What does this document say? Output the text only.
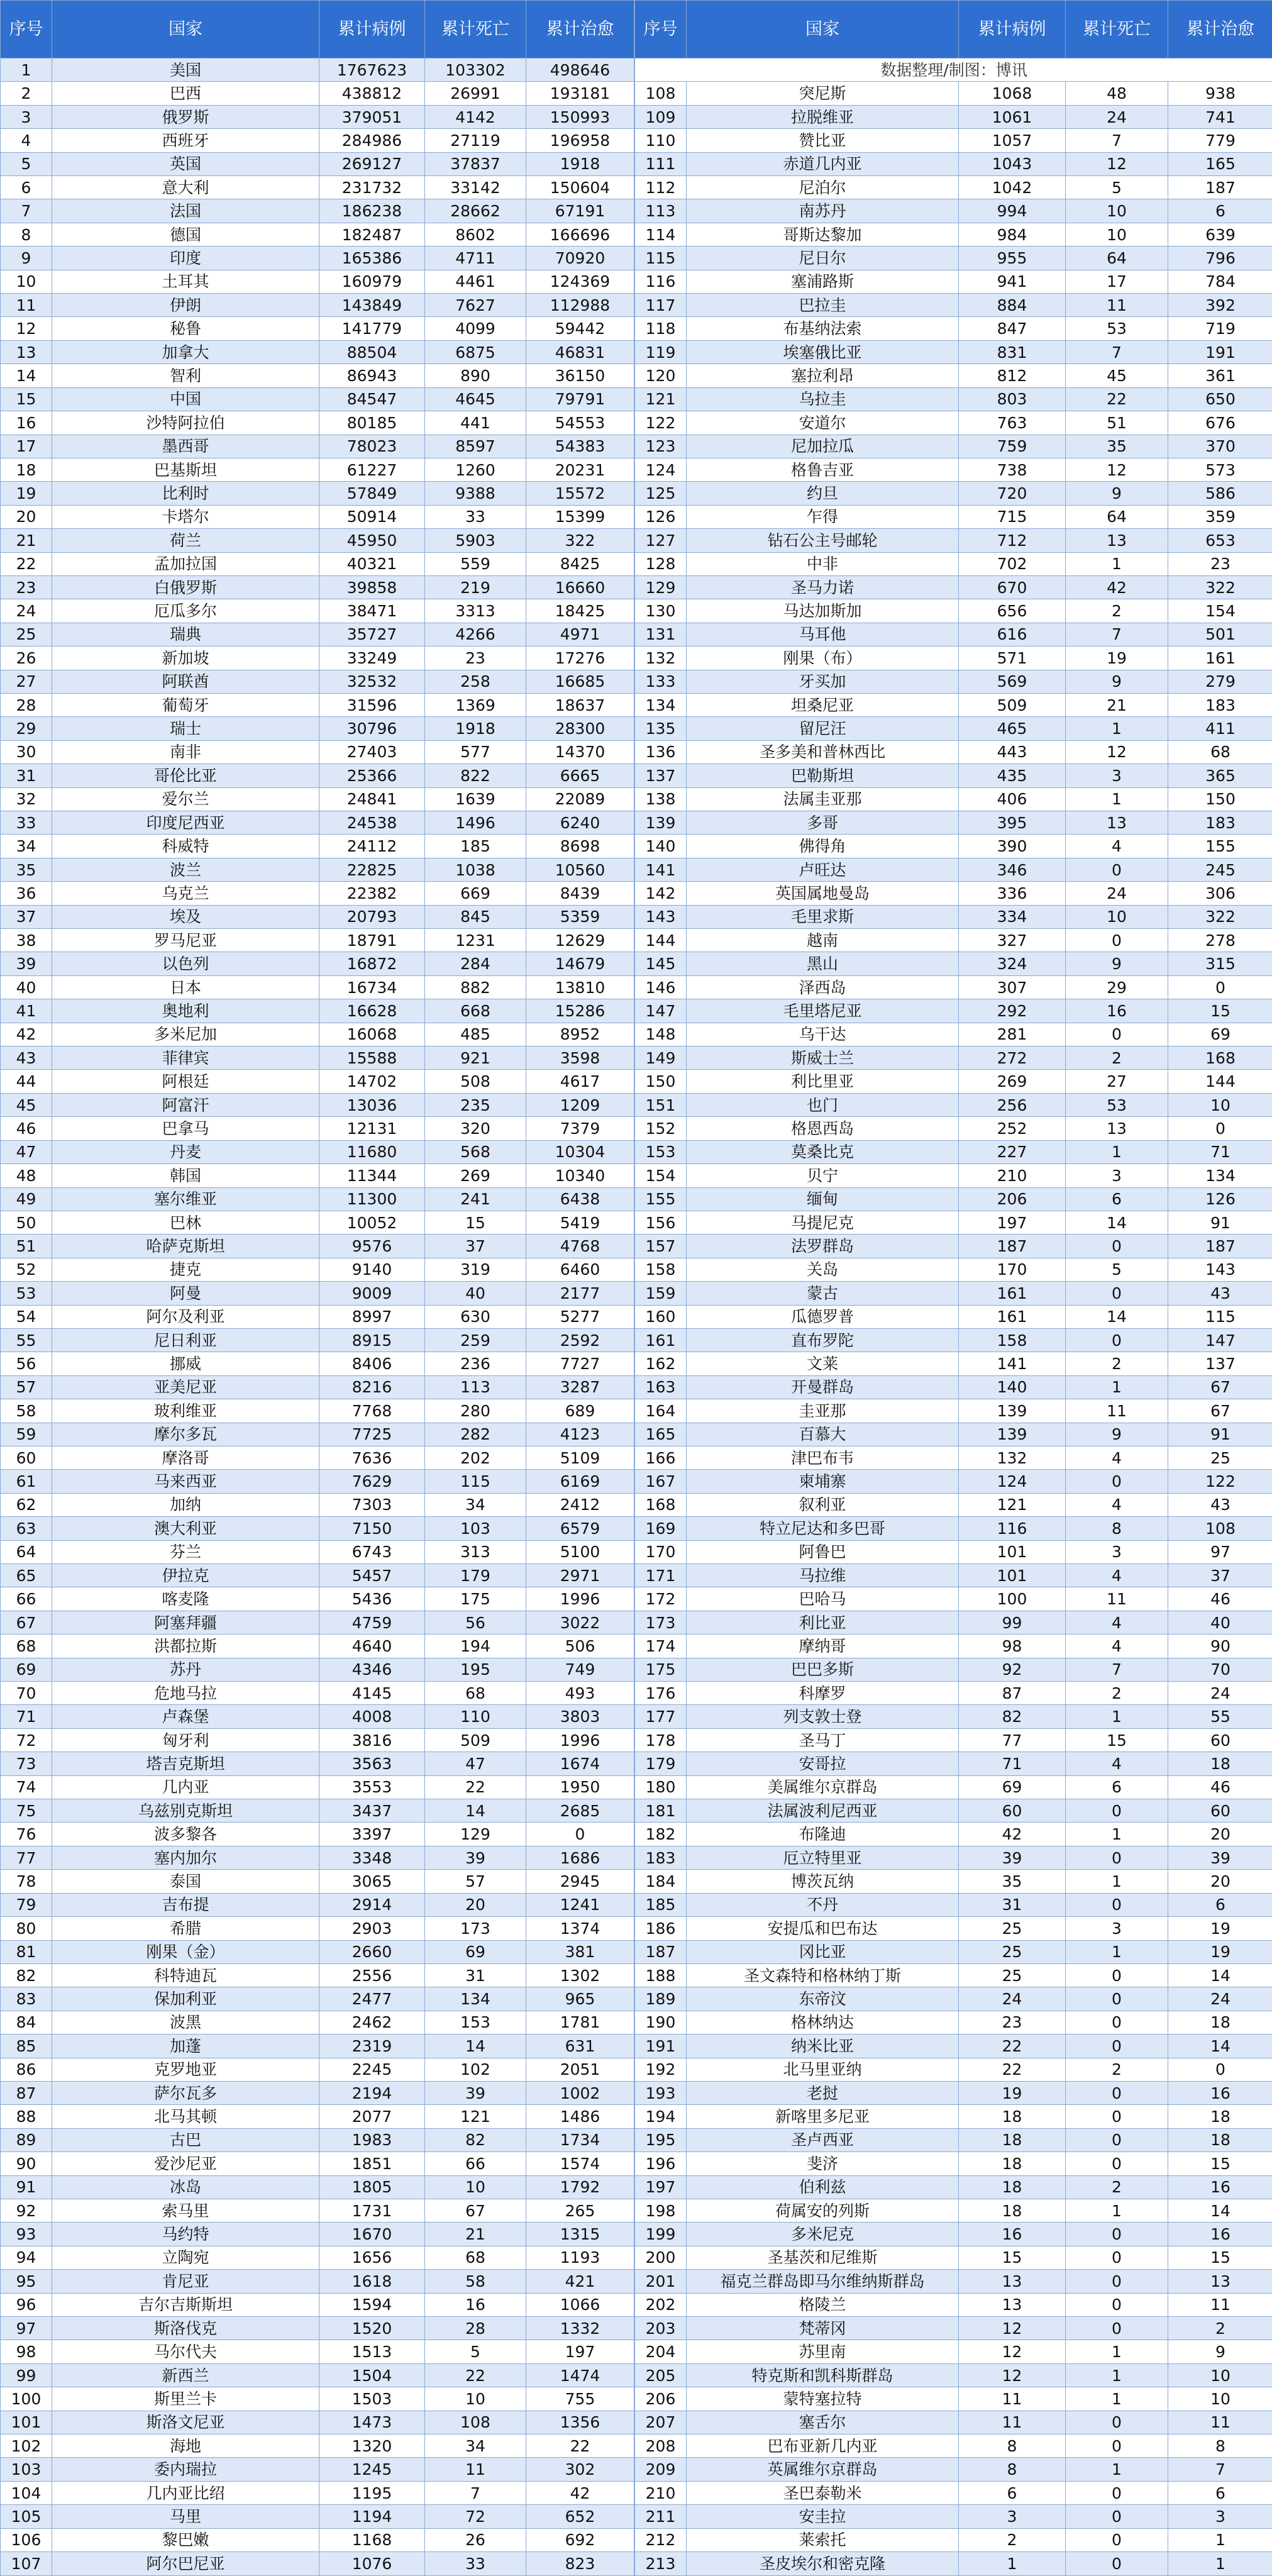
序号	国家	累计病例	累计死亡	累计治愈
1	美国	1767623	103302	498646
2	巴西	438812	26991	193181
3	俄罗斯	379051	4142	150993
4	西班牙	284986	27119	196958
5	英国	269127	37837	1918
6	意大利	231732	33142	150604
7	法国	186238	28662	67191
8	德国	182487	8602	166696
9	印度	165386	4711	70920
10	土耳其	160979	4461	124369
11	伊朗	143849	7627	112988
12	秘鲁	141779	4099	59442
13	加拿大	88504	6875	46831
14	智利	86943	890	36150
15	中国	84547	4645	79791
16	沙特阿拉伯	80185	441	54553
17	墨西哥	78023	8597	54383
18	巴基斯坦	61227	1260	20231
19	比利时	57849	9388	15572
20	卡塔尔	50914	33	15399
21	荷兰	45950	5903	322
22	孟加拉国	40321	559	8425
23	白俄罗斯	39858	219	16660
24	厄瓜多尔	38471	3313	18425
25	瑞典	35727	4266	4971
26	新加坡	33249	23	17276
27	阿联酋	32532	258	16685
28	葡萄牙	31596	1369	18637
29	瑞士	30796	1918	28300
30	南非	27403	577	14370
31	哥伦比亚	25366	822	6665
32	爱尔兰	24841	1639	22089
33	印度尼西亚	24538	1496	6240
34	科威特	24112	185	8698
35	波兰	22825	1038	10560
36	乌克兰	22382	669	8439
37	埃及	20793	845	5359
38	罗马尼亚	18791	1231	12629
39	以色列	16872	284	14679
40	日本	16734	882	13810
41	奥地利	16628	668	15286
42	多米尼加	16068	485	8952
43	菲律宾	15588	921	3598
44	阿根廷	14702	508	4617
45	阿富汗	13036	235	1209
46	巴拿马	12131	320	7379
47	丹麦	11680	568	10304
48	韩国	11344	269	10340
49	塞尔维亚	11300	241	6438
50	巴林	10052	15	5419
51	哈萨克斯坦	9576	37	4768
52	捷克	9140	319	6460
53	阿曼	9009	40	2177
54	阿尔及利亚	8997	630	5277
55	尼日利亚	8915	259	2592
56	挪威	8406	236	7727
57	亚美尼亚	8216	113	3287
58	玻利维亚	7768	280	689
59	摩尔多瓦	7725	282	4123
60	摩洛哥	7636	202	5109
61	马来西亚	7629	115	6169
62	加纳	7303	34	2412
63	澳大利亚	7150	103	6579
64	芬兰	6743	313	5100
65	伊拉克	5457	179	2971
66	喀麦隆	5436	175	1996
67	阿塞拜疆	4759	56	3022
68	洪都拉斯	4640	194	506
69	苏丹	4346	195	749
70	危地马拉	4145	68	493
71	卢森堡	4008	110	3803
72	匈牙利	3816	509	1996
73	塔吉克斯坦	3563	47	1674
74	几内亚	3553	22	1950
75	乌兹别克斯坦	3437	14	2685
76	波多黎各	3397	129	0
77	塞内加尔	3348	39	1686
78	泰国	3065	57	2945
79	吉布提	2914	20	1241
80	希腊	2903	173	1374
81	刚果（金）	2660	69	381
82	科特迪瓦	2556	31	1302
83	保加利亚	2477	134	965
84	波黑	2462	153	1781
85	加蓬	2319	14	631
86	克罗地亚	2245	102	2051
87	萨尔瓦多	2194	39	1002
88	北马其顿	2077	121	1486
89	古巴	1983	82	1734
90	爱沙尼亚	1851	66	1574
91	冰岛	1805	10	1792
92	索马里	1731	67	265
93	马约特	1670	21	1315
94	立陶宛	1656	68	1193
95	肯尼亚	1618	58	421
96	吉尔吉斯斯坦	1594	16	1066
97	斯洛伐克	1520	28	1332
98	马尔代夫	1513	5	197
99	新西兰	1504	22	1474
100	斯里兰卡	1503	10	755
101	斯洛文尼亚	1473	108	1356
102	海地	1320	34	22
103	委内瑞拉	1245	11	302
104	几内亚比绍	1195	7	42
105	马里	1194	72	652
106	黎巴嫩	1168	26	692
107	阿尔巴尼亚	1076	33	823
序号	国家	累计病例	累计死亡	累计治愈
数据整理/制图：博讯				
108	突尼斯	1068	48	938
109	拉脱维亚	1061	24	741
110	赞比亚	1057	7	779
111	赤道几内亚	1043	12	165
112	尼泊尔	1042	5	187
113	南苏丹	994	10	6
114	哥斯达黎加	984	10	639
115	尼日尔	955	64	796
116	塞浦路斯	941	17	784
117	巴拉圭	884	11	392
118	布基纳法索	847	53	719
119	埃塞俄比亚	831	7	191
120	塞拉利昂	812	45	361
121	乌拉圭	803	22	650
122	安道尔	763	51	676
123	尼加拉瓜	759	35	370
124	格鲁吉亚	738	12	573
125	约旦	720	9	586
126	乍得	715	64	359
127	钻石公主号邮轮	712	13	653
128	中非	702	1	23
129	圣马力诺	670	42	322
130	马达加斯加	656	2	154
131	马耳他	616	7	501
132	刚果（布）	571	19	161
133	牙买加	569	9	279
134	坦桑尼亚	509	21	183
135	留尼汪	465	1	411
136	圣多美和普林西比	443	12	68
137	巴勒斯坦	435	3	365
138	法属圭亚那	406	1	150
139	多哥	395	13	183
140	佛得角	390	4	155
141	卢旺达	346	0	245
142	英国属地曼岛	336	24	306
143	毛里求斯	334	10	322
144	越南	327	0	278
145	黑山	324	9	315
146	泽西岛	307	29	0
147	毛里塔尼亚	292	16	15
148	乌干达	281	0	69
149	斯威士兰	272	2	168
150	利比里亚	269	27	144
151	也门	256	53	10
152	格恩西岛	252	13	0
153	莫桑比克	227	1	71
154	贝宁	210	3	134
155	缅甸	206	6	126
156	马提尼克	197	14	91
157	法罗群岛	187	0	187
158	关岛	170	5	143
159	蒙古	161	0	43
160	瓜德罗普	161	14	115
161	直布罗陀	158	0	147
162	文莱	141	2	137
163	开曼群岛	140	1	67
164	圭亚那	139	11	67
165	百慕大	139	9	91
166	津巴布韦	132	4	25
167	柬埔寨	124	0	122
168	叙利亚	121	4	43
169	特立尼达和多巴哥	116	8	108
170	阿鲁巴	101	3	97
171	马拉维	101	4	37
172	巴哈马	100	11	46
173	利比亚	99	4	40
174	摩纳哥	98	4	90
175	巴巴多斯	92	7	70
176	科摩罗	87	2	24
177	列支敦士登	82	1	55
178	圣马丁	77	15	60
179	安哥拉	71	4	18
180	美属维尔京群岛	69	6	46
181	法属波利尼西亚	60	0	60
182	布隆迪	42	1	20
183	厄立特里亚	39	0	39
184	博茨瓦纳	35	1	20
185	不丹	31	0	6
186	安提瓜和巴布达	25	3	19
187	冈比亚	25	1	19
188	圣文森特和格林纳丁斯	25	0	14
189	东帝汶	24	0	24
190	格林纳达	23	0	18
191	纳米比亚	22	0	14
192	北马里亚纳	22	2	0
193	老挝	19	0	16
194	新喀里多尼亚	18	0	18
195	圣卢西亚	18	0	18
196	斐济	18	0	15
197	伯利兹	18	2	16
198	荷属安的列斯	18	1	14
199	多米尼克	16	0	16
200	圣基茨和尼维斯	15	0	15
201	福克兰群岛即马尔维纳斯群岛	13	0	13
202	格陵兰	13	0	11
203	梵蒂冈	12	0	2
204	苏里南	12	1	9
205	特克斯和凯科斯群岛	12	1	10
206	蒙特塞拉特	11	1	10
207	塞舌尔	11	0	11
208	巴布亚新几内亚	8	0	8
209	英属维尔京群岛	8	1	7
210	圣巴泰勒米	6	0	6
211	安圭拉	3	0	3
212	莱索托	2	0	1
213	圣皮埃尔和密克隆	1	0	1
